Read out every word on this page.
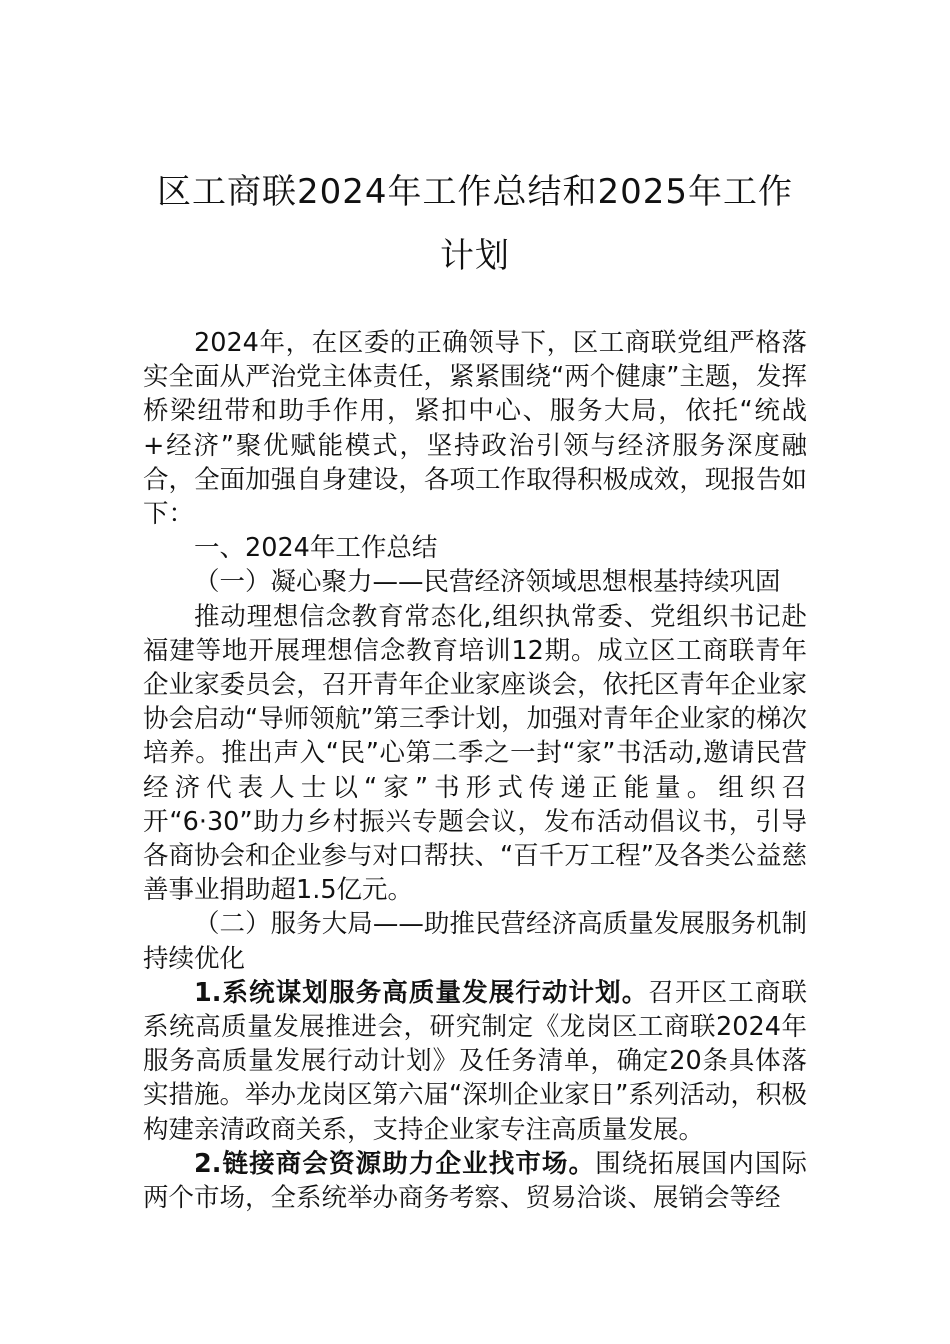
区工商联2024年工作总结和2025年工作计划

2024年，在区委的正确领导下，区工商联党组严格落实全面从严治党主体责任，紧紧围绕“两个健康”主题，发挥桥梁纽带和助手作用，紧扣中心、服务大局，依托“统战+经济”聚优赋能模式，坚持政治引领与经济服务深度融合，全面加强自身建设，各项工作取得积极成效，现报告如下：

一、2024年工作总结

（一）凝心聚力——民营经济领域思想根基持续巩固

推动理想信念教育常态化,组织执常委、党组织书记赴福建等地开展理想信念教育培训12期。成立区工商联青年企业家委员会，召开青年企业家座谈会，依托区青年企业家协会启动“导师领航”第三季计划，加强对青年企业家的梯次培养。推出声入“民”心第二季之一封“家”书活动,邀请民营经济代表人士以“家”书形式传递正能量。组织召开“6·30”助力乡村振兴专题会议，发布活动倡议书，引导各商协会和企业参与对口帮扶、“百千万工程”及各类公益慈善事业捐助超1.5亿元。

（二）服务大局——助推民营经济高质量发展服务机制持续优化

1.系统谋划服务高质量发展行动计划。召开区工商联系统高质量发展推进会，研究制定《龙岗区工商联2024年服务高质量发展行动计划》及任务清单，确定20条具体落实措施。举办龙岗区第六届“深圳企业家日”系列活动，积极构建亲清政商关系，支持企业家专注高质量发展。

2.链接商会资源助力企业找市场。围绕拓展国内国际两个市场，全系统举办商务考察、贸易洽谈、展销会等经
